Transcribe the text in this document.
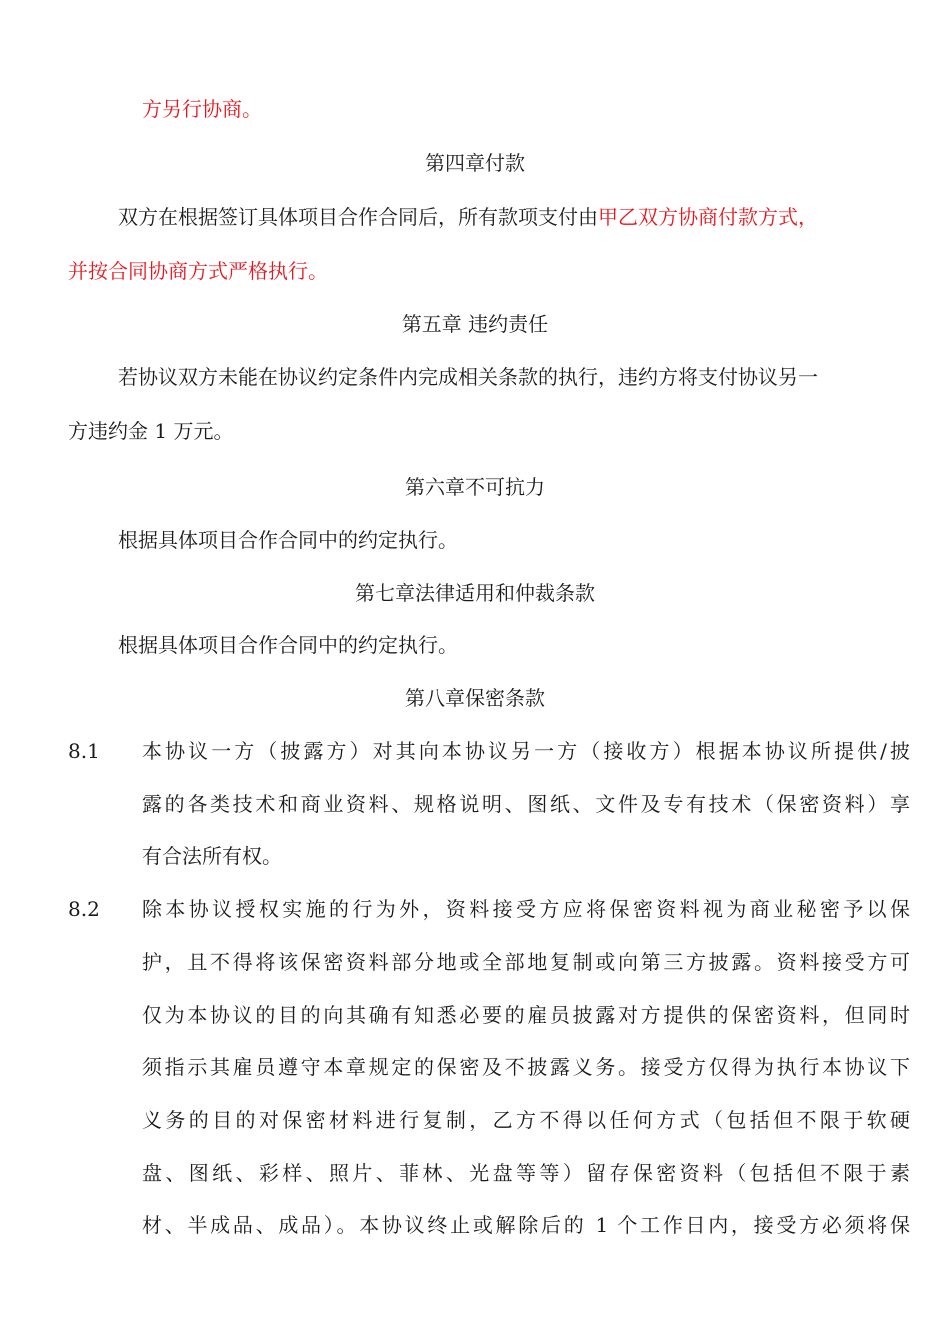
方另行协商。
第四章付款
双方在根据签订具体项目合作合同后，所有款项支付由甲乙双方协商付款方式，
并按合同协商方式严格执行。
第五章 违约责任
若协议双方未能在协议约定条件内完成相关条款的执行，违约方将支付协议另一
方违约金 1 万元。
第六章不可抗力
根据具体项目合作合同中的约定执行。
第七章法律适用和仲裁条款
根据具体项目合作合同中的约定执行。
第八章保密条款
8.1 本协议一方（披露方）对其向本协议另一方（接收方）根据本协议所提供/披
露的各类技术和商业资料、规格说明、图纸、文件及专有技术（保密资料）享
有合法所有权。
8.2 除本协议授权实施的行为外，资料接受方应将保密资料视为商业秘密予以保
护，且不得将该保密资料部分地或全部地复制或向第三方披露。资料接受方可
仅为本协议的目的向其确有知悉必要的雇员披露对方提供的保密资料，但同时
须指示其雇员遵守本章规定的保密及不披露义务。接受方仅得为执行本协议下
义务的目的对保密材料进行复制，乙方不得以任何方式（包括但不限于软硬
盘、图纸、彩样、照片、菲林、光盘等等）留存保密资料（包括但不限于素
材、半成品、成品）。本协议终止或解除后的 1 个工作日内，接受方必须将保
